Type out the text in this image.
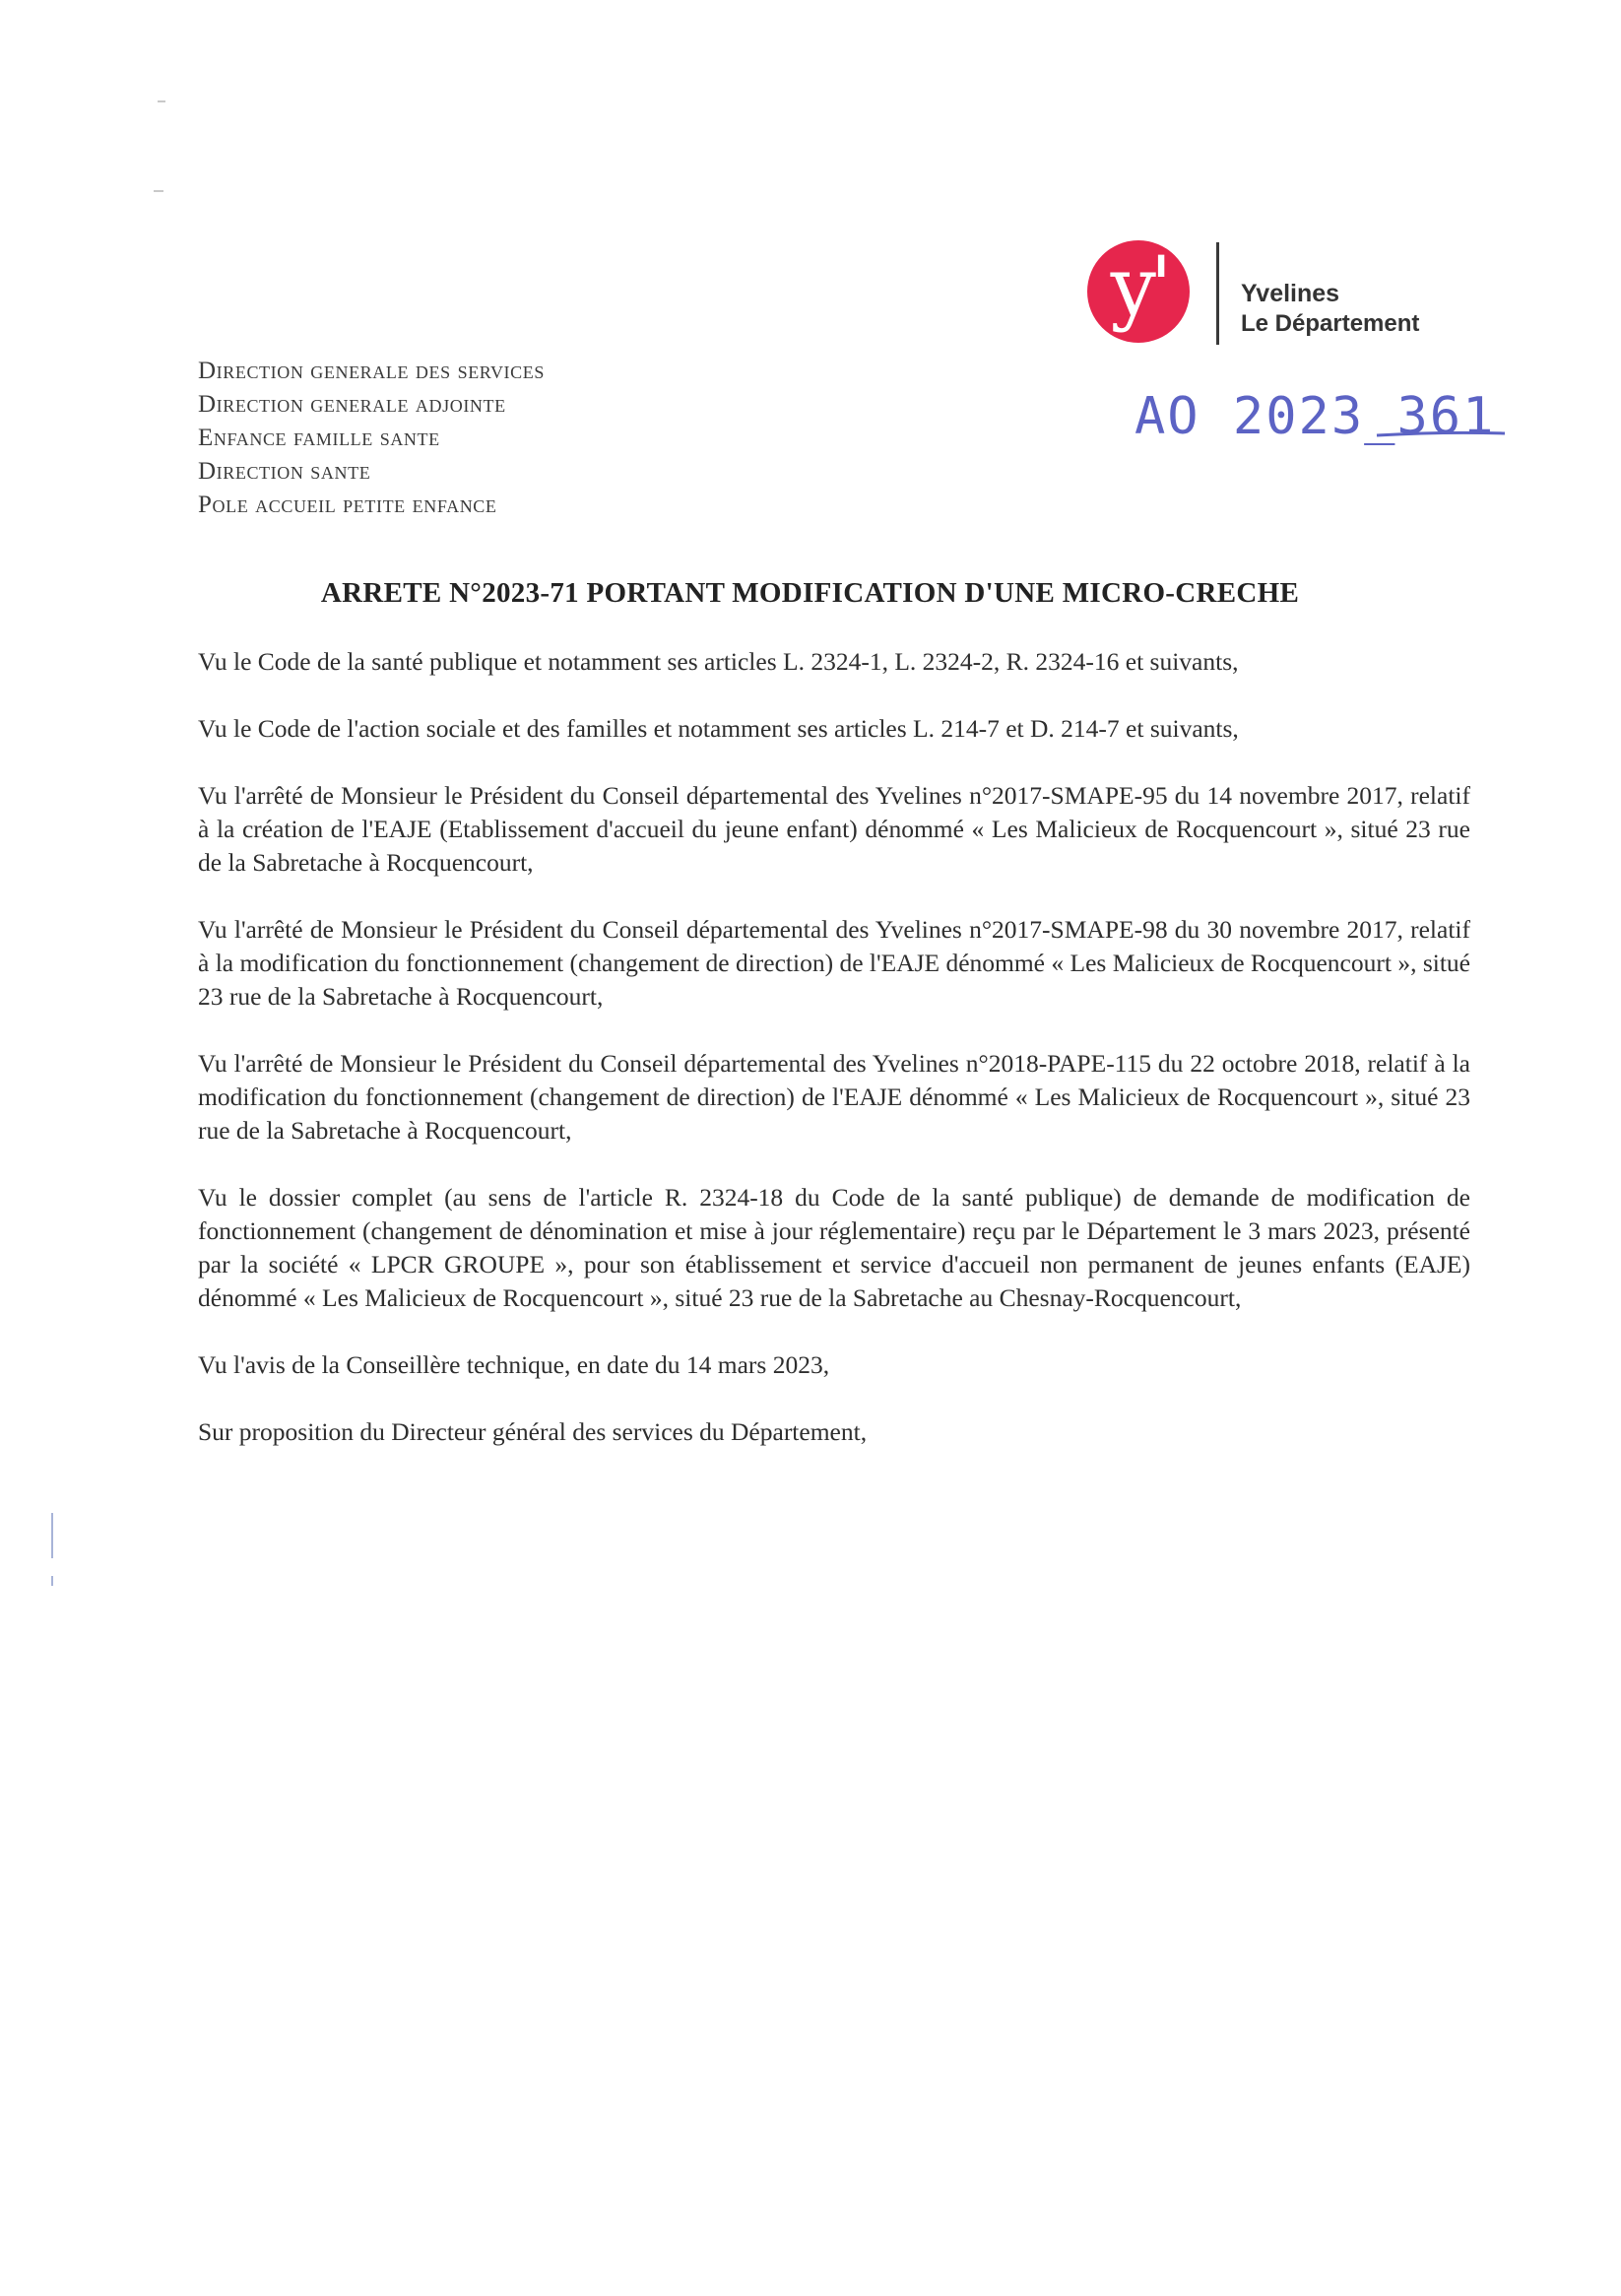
y'	Yvelines
Le Département
AO 2023_361
Direction generale des services
Direction generale adjointe
Enfance famille sante
Direction sante
Pole accueil petite enfance
ARRETE N°2023-71 PORTANT MODIFICATION D'UNE MICRO-CRECHE

Vu le Code de la santé publique et notamment ses articles L. 2324-1, L. 2324-2, R. 2324-16 et suivants,

Vu le Code de l'action sociale et des familles et notamment ses articles L. 214-7 et D. 214-7 et suivants,

Vu l'arrêté de Monsieur le Président du Conseil départemental des Yvelines n°2017-SMAPE-95 du 14 novembre 2017, relatif à la création de l'EAJE (Etablissement d'accueil du jeune enfant) dénommé « Les Malicieux de Rocquencourt », situé 23 rue de la Sabretache à Rocquencourt,

Vu l'arrêté de Monsieur le Président du Conseil départemental des Yvelines n°2017-SMAPE-98 du 30 novembre 2017, relatif à la modification du fonctionnement (changement de direction) de l'EAJE dénommé « Les Malicieux de Rocquencourt », situé 23 rue de la Sabretache à Rocquencourt,

Vu l'arrêté de Monsieur le Président du Conseil départemental des Yvelines n°2018-PAPE-115 du 22 octobre 2018, relatif à la modification du fonctionnement (changement de direction) de l'EAJE dénommé « Les Malicieux de Rocquencourt », situé 23 rue de la Sabretache à Rocquencourt,

Vu le dossier complet (au sens de l'article R. 2324-18 du Code de la santé publique) de demande de modification de fonctionnement (changement de dénomination et mise à jour réglementaire) reçu par le Département le 3 mars 2023, présenté par la société « LPCR GROUPE », pour son établissement et service d'accueil non permanent de jeunes enfants (EAJE) dénommé « Les Malicieux de Rocquencourt », situé 23 rue de la Sabretache au Chesnay-Rocquencourt,

Vu l'avis de la Conseillère technique, en date du 14 mars 2023,

Sur proposition du Directeur général des services du Département,
